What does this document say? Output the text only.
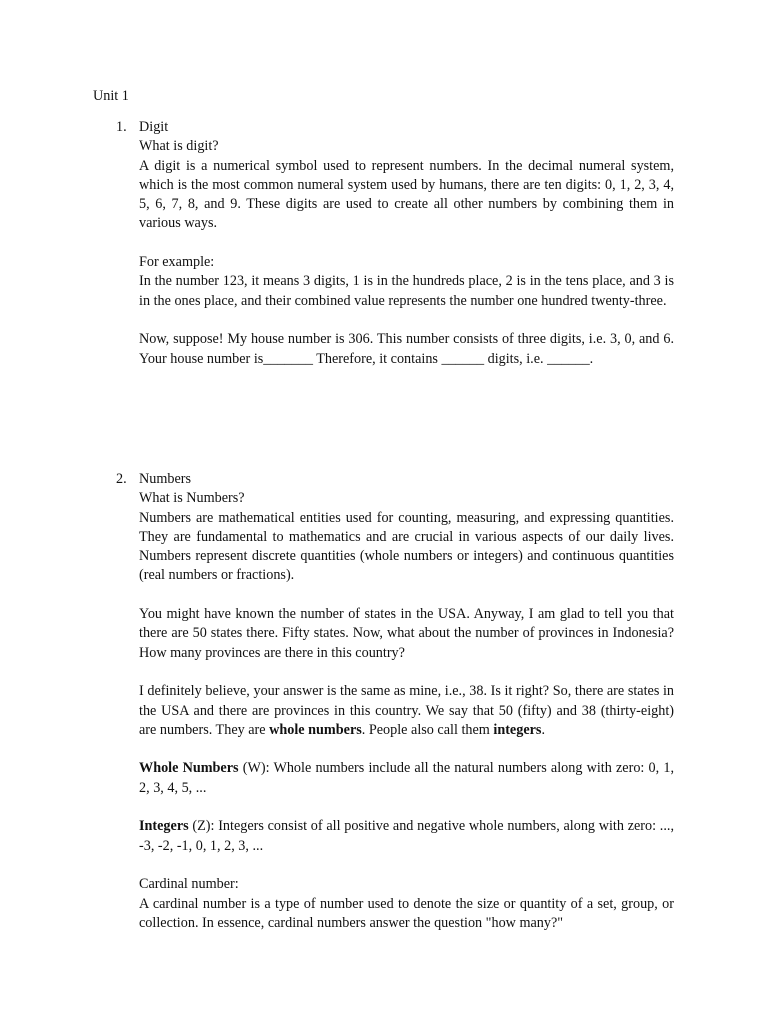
Unit 1

1. Digit

What is digit?

A digit is a numerical symbol used to represent numbers. In the decimal numeral system, which is the most common numeral system used by humans, there are ten digits: 0, 1, 2, 3, 4, 5, 6, 7, 8, and 9. These digits are used to create all other numbers by combining them in various ways.

For example:

In the number 123, it means 3 digits, 1 is in the hundreds place, 2 is in the tens place, and 3 is in the ones place, and their combined value represents the number one hundred twenty-three.

Now, suppose! My house number is 306. This number consists of three digits, i.e. 3, 0, and 6. Your house number is_______ Therefore, it contains ______ digits, i.e. ______.

2. Numbers

What is Numbers?

Numbers are mathematical entities used for counting, measuring, and expressing quantities. They are fundamental to mathematics and are crucial in various aspects of our daily lives. Numbers represent discrete quantities (whole numbers or integers) and continuous quantities (real numbers or fractions).

You might have known the number of states in the USA. Anyway, I am glad to tell you that there are 50 states there. Fifty states. Now, what about the number of provinces in Indonesia? How many provinces are there in this country?

I definitely believe, your answer is the same as mine, i.e., 38. Is it right? So, there are states in the USA and there are provinces in this country. We say that 50 (fifty) and 38 (thirty-eight) are numbers. They are whole numbers. People also call them integers.

Whole Numbers (W): Whole numbers include all the natural numbers along with zero: 0, 1, 2, 3, 4, 5, ...

Integers (Z): Integers consist of all positive and negative whole numbers, along with zero: ..., -3, -2, -1, 0, 1, 2, 3, ...

Cardinal number:

A cardinal number is a type of number used to denote the size or quantity of a set, group, or collection. In essence, cardinal numbers answer the question "how many?"
